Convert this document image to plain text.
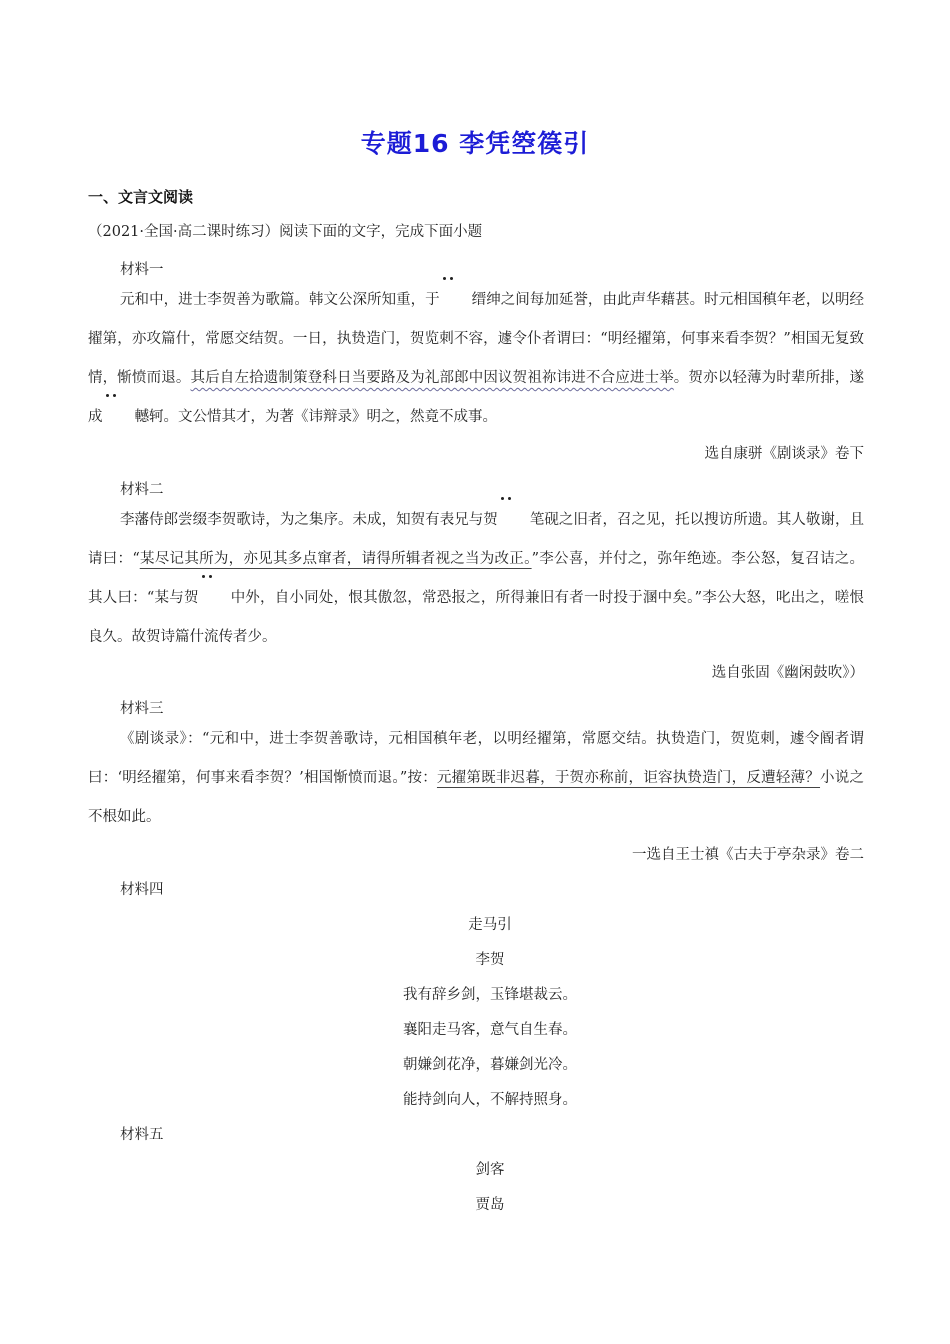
专题16 李凭箜篌引
一、文言文阅读
（2021·全国·高二课时练习）阅读下面的文字，完成下面小题
材料一
元和中，进士李贺善为歌篇。韩文公深所知重，于 缙绅之间每加延誉，由此声华藉甚。时元相国稹年老，以明经擢第，亦攻篇什，常愿交结贺。一日，执贽造门，贺览刺不容，遽令仆者谓曰：“明经擢第，何事来看李贺？”相国无复致情，惭愤而退。其后自左拾遗制策登科日当要路及为礼部郎中因议贺祖祢讳进不合应进士举。贺亦以轻薄为时辈所排，遂成 轗轲。文公惜其才，为著《讳辩录》明之，然竟不成事。
选自康骈《剧谈录》卷下
材料二
李藩侍郎尝缀李贺歌诗，为之集序。未成，知贺有表兄与贺 笔砚之旧者，召之见，托以搜访所遗。其人敬谢，且请曰：“某尽记其所为，亦见其多点窜者，请得所辑者视之当为改正。”李公喜，并付之，弥年绝迹。李公怒，复召诘之。其人曰：“某与贺 中外，自小同处，恨其傲忽，常恐报之，所得兼旧有者一时投于溷中矣。”李公大怒，叱出之，嗟恨良久。故贺诗篇什流传者少。
选自张固《幽闲鼓吹》）
材料三
《剧谈录》：“元和中，进士李贺善歌诗，元相国稹年老，以明经擢第，常愿交结。执贽造门，贺览刺，遽令阍者谓曰：‘明经擢第，何事来看李贺？’相国惭愤而退。”按：元擢第既非迟暮，于贺亦称前，讵容执贽造门，反遭轻薄？小说之不根如此。
一选自王士禛《古夫于亭杂录》卷二
材料四
走马引
李贺
我有辞乡剑，玉锋堪裁云。
襄阳走马客，意气自生春。
朝嫌剑花净，暮嫌剑光冷。
能持剑向人，不解持照身。
材料五
剑客
贾岛
